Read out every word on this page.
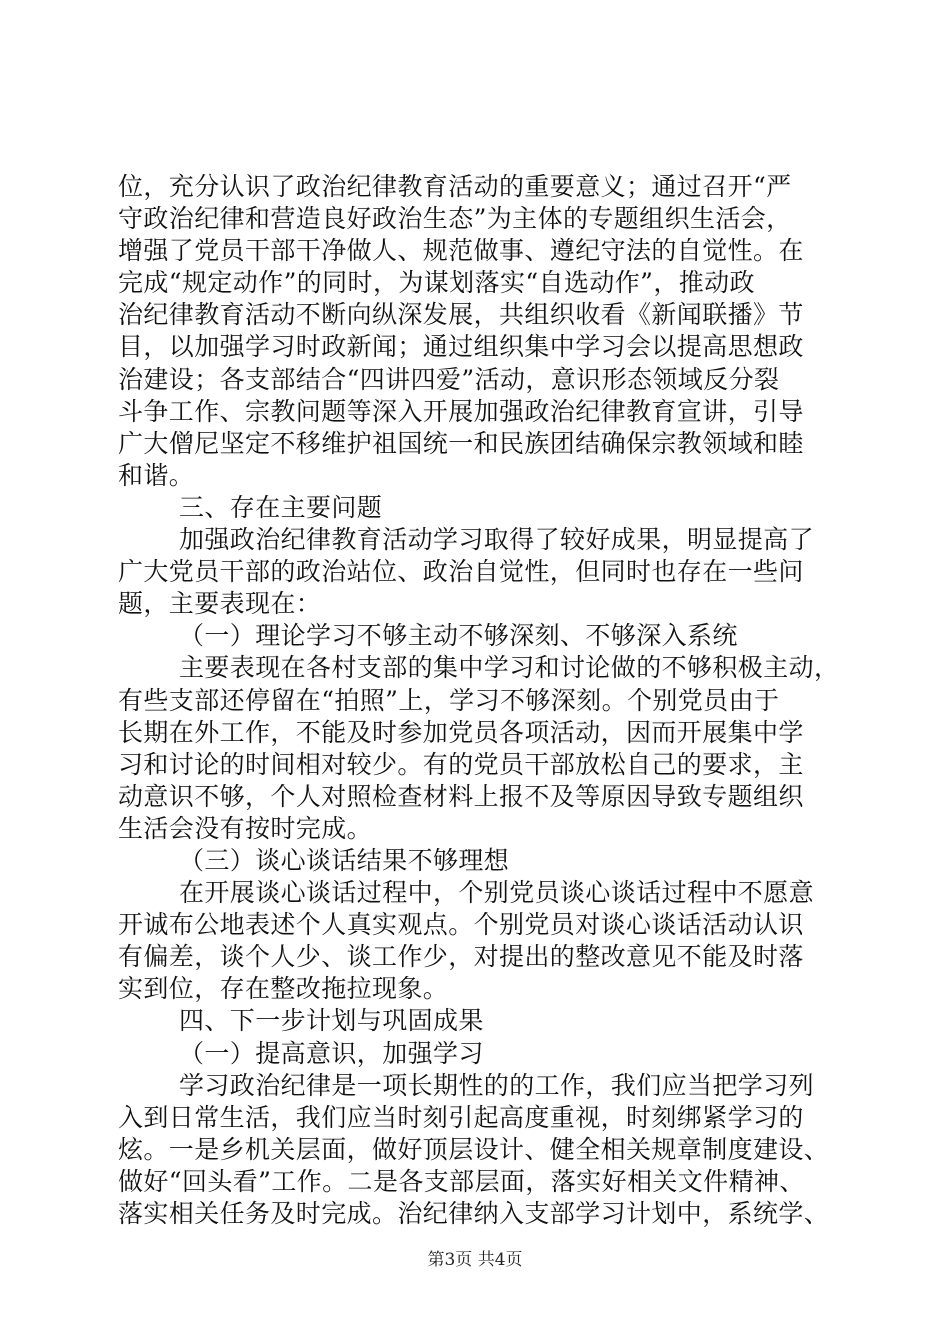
位，充分认识了政治纪律教育活动的重要意义；通过召开“严
守政治纪律和营造良好政治生态”为主体的专题组织生活会，
增强了党员干部干净做人、规范做事、遵纪守法的自觉性。在
完成“规定动作”的同时，为谋划落实“自选动作”，推动政
治纪律教育活动不断向纵深发展，共组织收看《新闻联播》节
目，以加强学习时政新闻；通过组织集中学习会以提高思想政
治建设；各支部结合“四讲四爱”活动，意识形态领域反分裂
斗争工作、宗教问题等深入开展加强政治纪律教育宣讲，引导
广大僧尼坚定不移维护祖国统一和民族团结确保宗教领域和睦
和谐。
三、存在主要问题
加强政治纪律教育活动学习取得了较好成果，明显提高了
广大党员干部的政治站位、政治自觉性，但同时也存在一些问
题，主要表现在：
（一）理论学习不够主动不够深刻、不够深入系统
主要表现在各村支部的集中学习和讨论做的不够积极主动，
有些支部还停留在“拍照”上，学习不够深刻。个别党员由于
长期在外工作，不能及时参加党员各项活动，因而开展集中学
习和讨论的时间相对较少。有的党员干部放松自己的要求，主
动意识不够，个人对照检查材料上报不及等原因导致专题组织
生活会没有按时完成。
（三）谈心谈话结果不够理想
在开展谈心谈话过程中，个别党员谈心谈话过程中不愿意
开诚布公地表述个人真实观点。个别党员对谈心谈话活动认识
有偏差，谈个人少、谈工作少，对提出的整改意见不能及时落
实到位，存在整改拖拉现象。
四、下一步计划与巩固成果
（一）提高意识，加强学习
学习政治纪律是一项长期性的的工作，我们应当把学习列
入到日常生活，我们应当时刻引起高度重视，时刻绑紧学习的
炫。一是乡机关层面，做好顶层设计、健全相关规章制度建设、
做好“回头看”工作。二是各支部层面，落实好相关文件精神、
落实相关任务及时完成。治纪律纳入支部学习计划中，系统学、
第3页 共4页
